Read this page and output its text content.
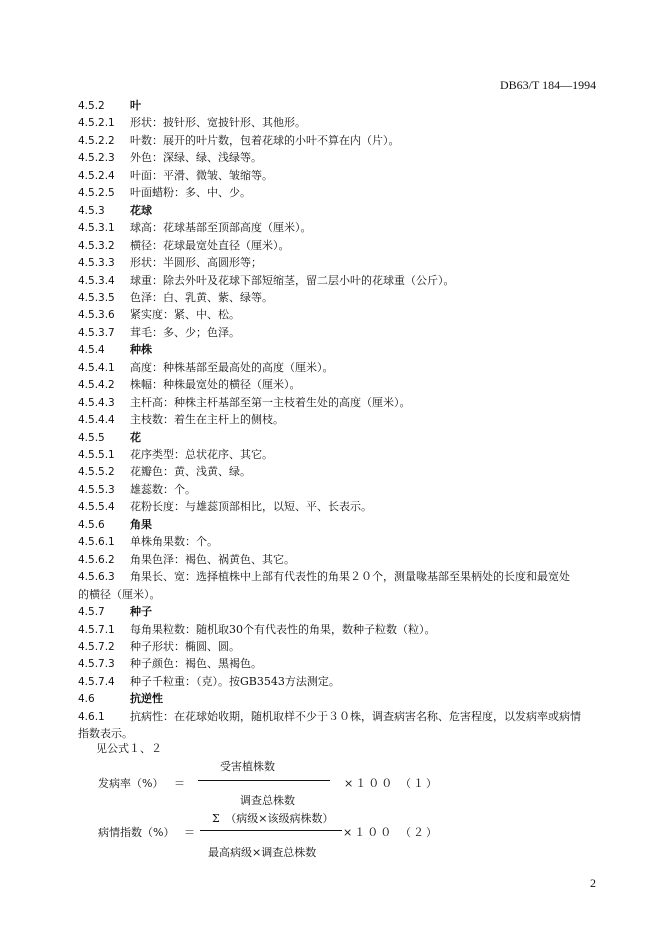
DB63/T 184—1994
4.5.2 叶
4.5.2.1 形状：披针形、宽披针形、其他形。
4.5.2.2 叶数：展开的叶片数，包着花球的小叶不算在内（片）。
4.5.2.3 外色：深绿、绿、浅绿等。
4.5.2.4 叶面：平滑、微皱、皱缩等。
4.5.2.5 叶面蜡粉：多、中、少。
4.5.3 花球
4.5.3.1 球高：花球基部至顶部高度（厘米）。
4.5.3.2 横径：花球最宽处直径（厘米）。
4.5.3.3 形状：半圆形、高圆形等；
4.5.3.4 球重：除去外叶及花球下部短缩茎，留二层小叶的花球重（公斤）。
4.5.3.5 色泽：白、乳黄、紫、绿等。
4.5.3.6 紧实度：紧、中、松。
4.5.3.7 茸毛：多、少；色泽。
4.5.4 种株
4.5.4.1 高度：种株基部至最高处的高度（厘米）。
4.5.4.2 株幅：种株最宽处的横径（厘米）。
4.5.4.3 主杆高：种株主杆基部至第一主枝着生处的高度（厘米）。
4.5.4.4 主枝数：着生在主杆上的侧枝。
4.5.5 花
4.5.5.1 花序类型：总状花序、其它。
4.5.5.2 花瓣色：黄、浅黄、绿。
4.5.5.3 雄蕊数：个。
4.5.5.4 花粉长度：与雄蕊顶部相比，以短、平、长表示。
4.5.6 角果
4.5.6.1 单株角果数：个。
4.5.6.2 角果色泽：褐色、祸黄色、其它。
4.5.6.3 角果长、宽：选择植株中上部有代表性的角果２０个，测量喙基部至果柄处的长度和最宽处
的横径（厘米）。
4.5.7 种子
4.5.7.1 每角果粒数：随机取30个有代表性的角果，数种子粒数（粒）。
4.5.7.2 种子形状：椭圆、圆。
4.5.7.3 种子颜色：褐色、黑褐色。
4.5.7.4 种子千粒重：（克）。按GB3543方法测定。
4.6	抗逆性
4.6.1 抗病性：在花球始收期，随机取样不少于３０株，调查病害名称、危害程度，以发病率或病情
指数表示。
见公式１、２
受害植株数
发病率（%） ＝	×１００ （１）
调查总株数
Σ　（病级×该级病株数）
病情指数（%） ＝	×１００ （２）
最高病级×调查总株数
2
